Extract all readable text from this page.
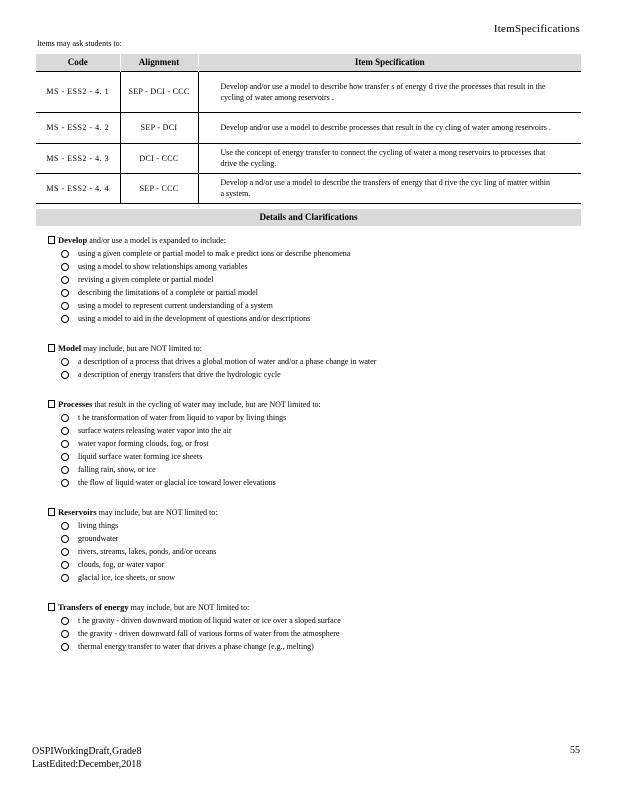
ItemSpecifications
Items may ask students to:
Code	Alignment	Item Specification
MS - ESS2 - 4. 1	SEP - DCI - CCC	Develop and/or use a model to describe how transfer s of energy d rive the processes that result in the cycling of water among reservoirs .
MS - ESS2 - 4. 2	SEP - DCI	Develop and/or use a model to describe processes that result in the cy cling of water among reservoirs .
MS - ESS2 - 4. 3	DCI - CCC	Use the concept of energy transfer to connect the cycling of water a mong reservoirs to processes that drive the cycling.
MS - ESS2 - 4. 4	SEP - CCC	Develop a nd/or use a model to describe the transfers of energy that d rive the cyc ling of matter within a system.
Details and Clarifications
Develop and/or use a model is expanded to include:
using a given complete or partial model to mak e predict ions or describe phenomena
using a model to show relationships among variables
revising a given complete or partial model
describing the limitations of a complete or partial model
using a model to represent current understanding of a system
using a model to aid in the development of questions and/or descriptions
Model may include, but are NOT limited to:
a description of a process that drives a global motion of water and/or a phase change in water
a description of energy transfers that drive the hydrologic cycle
Processes that result in the cycling of water may include, but are NOT limited to:
t he transformation of water from liquid to vapor by living things
surface waters releasing water vapor into the air
water vapor forming clouds, fog, or frost
liquid surface water forming ice sheets
falling rain, snow, or ice
the flow of liquid water or glacial ice toward lower elevations
Reservoirs may include, but are NOT limited to:
living things
groundwater
rivers, streams, lakes, ponds, and/or oceans
clouds, fog, or water vapor
glacial ice, ice sheets, or snow
Transfers of energy may include, but are NOT limited to:
t he gravity - driven downward motion of liquid water or ice over a sloped surface
the gravity - driven downward fall of various forms of water from the atmosphere
thermal energy transfer to water that drives a phase change (e.g., melting)
OSPIWorkingDraft,Grade8
LastEdited:December,2018
55
